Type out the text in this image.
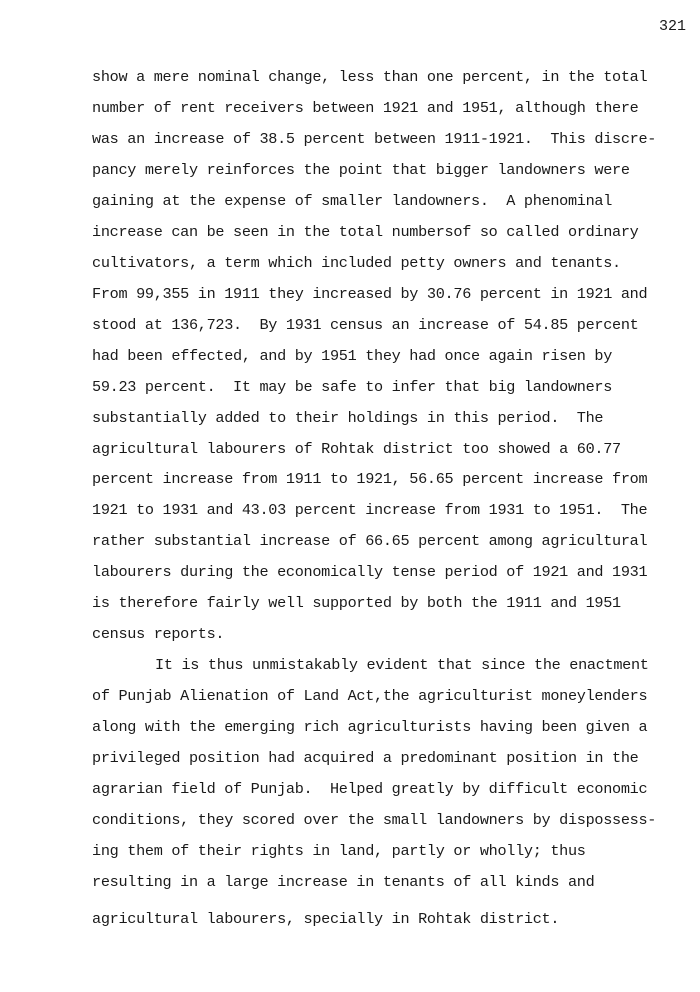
321
show a mere nominal change, less than one percent, in the total
number of rent receivers between 1921 and 1951, although there
was an increase of 38.5 percent between 1911-1921.  This discre-
pancy merely reinforces the point that bigger landowners were
gaining at the expense of smaller landowners.  A phenominal
increase can be seen in the total numbersof so called ordinary
cultivators, a term which included petty owners and tenants.
From 99,355 in 1911 they increased by 30.76 percent in 1921 and
stood at 136,723.  By 1931 census an increase of 54.85 percent
had been effected, and by 1951 they had once again risen by
59.23 percent.  It may be safe to infer that big landowners
substantially added to their holdings in this period.  The
agricultural labourers of Rohtak district too showed a 60.77
percent increase from 1911 to 1921, 56.65 percent increase from
1921 to 1931 and 43.03 percent increase from 1931 to 1951.  The
rather substantial increase of 66.65 percent among agricultural
labourers during the economically tense period of 1921 and 1931
is therefore fairly well supported by both the 1911 and 1951
census reports.
It is thus unmistakably evident that since the enactment
of Punjab Alienation of Land Act,the agriculturist moneylenders
along with the emerging rich agriculturists having been given a
privileged position had acquired a predominant position in the
agrarian field of Punjab.  Helped greatly by difficult economic
conditions, they scored over the small landowners by dispossess-
ing them of their rights in land, partly or wholly; thus
resulting in a large increase in tenants of all kinds and
agricultural labourers, specially in Rohtak district.
